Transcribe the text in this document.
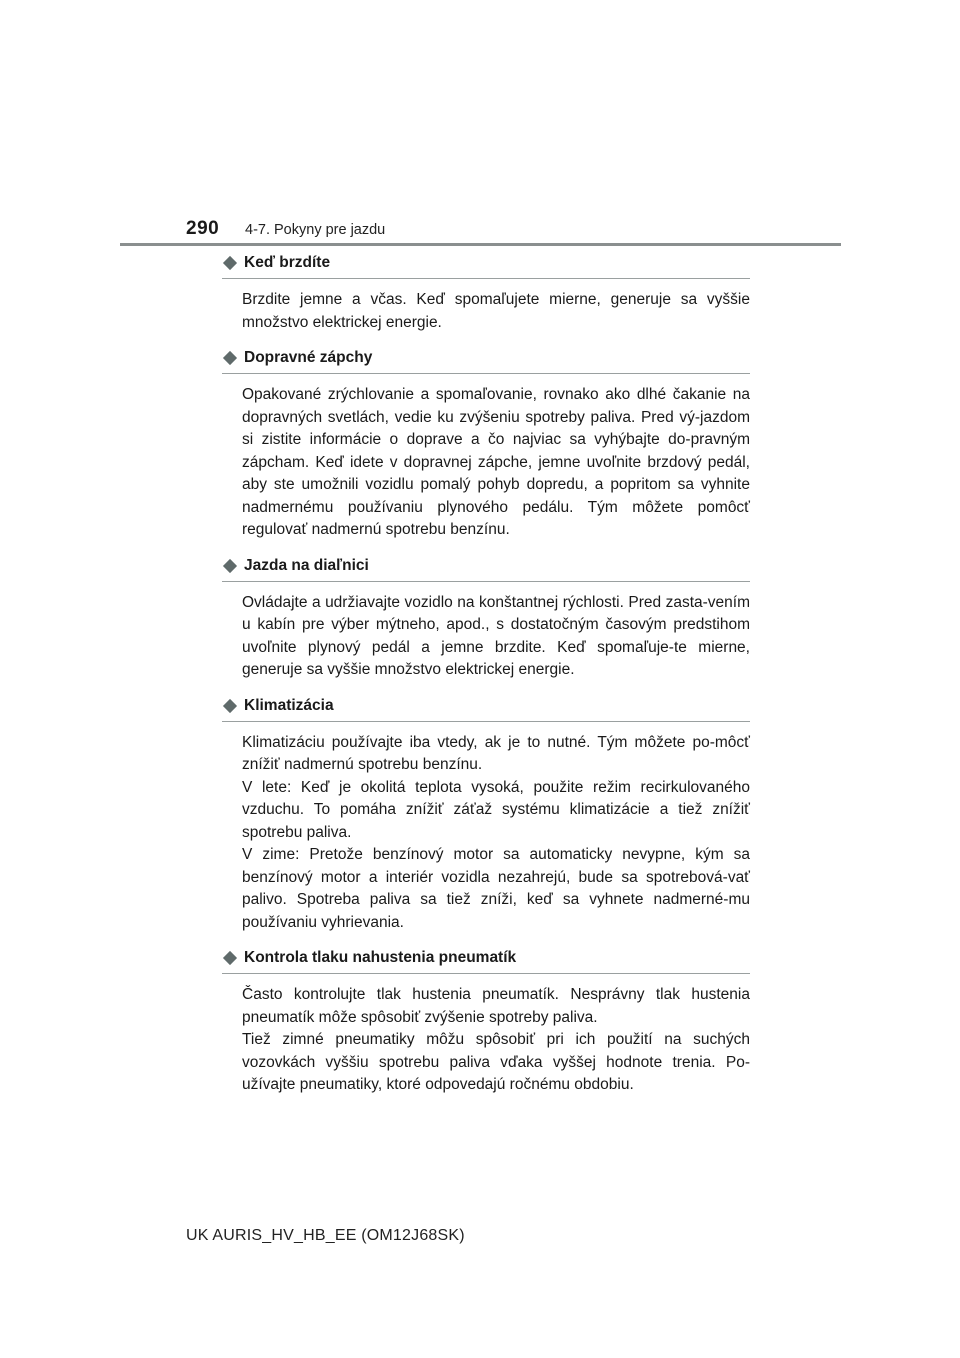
290 4-7. Pokyny pre jazdu
Keď brzdíte

Brzdite jemne a včas. Keď spomaľujete mierne, generuje sa vyššie množstvo elektrickej energie.

Dopravné zápchy

Opakované zrýchlovanie a spomaľovanie, rovnako ako dlhé čakanie na dopravných svetlách, vedie ku zvýšeniu spotreby paliva. Pred vý-jazdom si zistite informácie o doprave a čo najviac sa vyhýbajte do-pravným zápcham. Keď idete v dopravnej zápche, jemne uvoľnite brzdový pedál, aby ste umožnili vozidlu pomalý pohyb dopredu, a popritom sa vyhnite nadmernému používaniu plynového pedálu. Tým môžete pomôcť regulovať nadmernú spotrebu benzínu.

Jazda na diaľnici

Ovládajte a udržiavajte vozidlo na konštantnej rýchlosti. Pred zasta-vením u kabín pre výber mýtneho, apod., s dostatočným časovým predstihom uvoľnite plynový pedál a jemne brzdite. Keď spomaľuje-te mierne, generuje sa vyššie množstvo elektrickej energie.

Klimatizácia

Klimatizáciu používajte iba vtedy, ak je to nutné. Tým môžete po-môcť znížiť nadmernú spotrebu benzínu.

V lete: Keď je okolitá teplota vysoká, použite režim recirkulovaného vzduchu. To pomáha znížiť záťaž systému klimatizácie a tiež znížiť spotrebu paliva.

V zime: Pretože benzínový motor sa automaticky nevypne, kým sa benzínový motor a interiér vozidla nezahrejú, bude sa spotrebová-vať palivo. Spotreba paliva sa tiež zníži, keď sa vyhnete nadmerné-mu používaniu vyhrievania.

Kontrola tlaku nahustenia pneumatík

Často kontrolujte tlak hustenia pneumatík. Nesprávny tlak hustenia pneumatík môže spôsobiť zvýšenie spotreby paliva.

Tiež zimné pneumatiky môžu spôsobiť pri ich použití na suchých vozovkách vyššiu spotrebu paliva vďaka vyššej hodnote trenia. Po-užívajte pneumatiky, ktoré odpovedajú ročnému obdobiu.

UK AURIS_HV_HB_EE (OM12J68SK)
